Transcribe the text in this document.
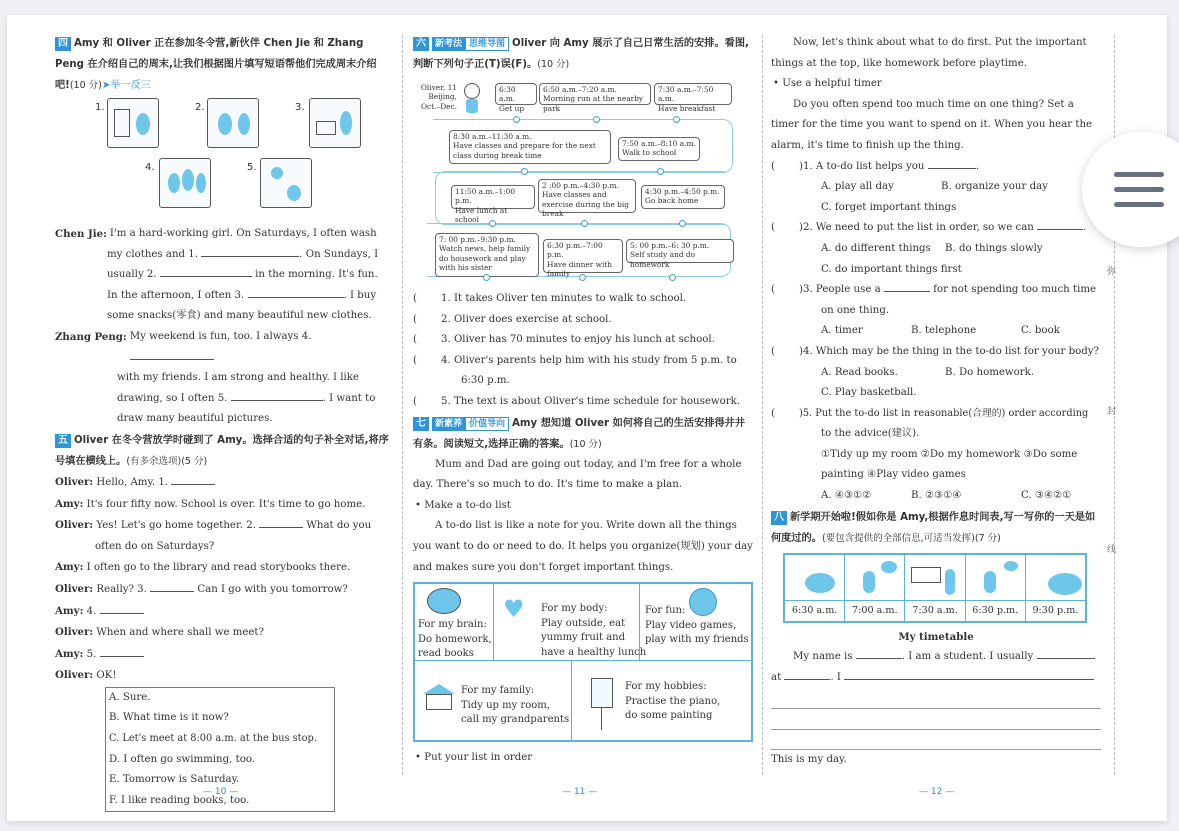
四 Amy 和 Oliver 正在参加冬令营,新伙伴 Chen Jie 和 Zhang Peng 在介绍自己的周末,让我们根据图片填写短语帮他们完成周末介绍吧!(10 分)➤举一反三
1.	2.	3.
4.	5.
Chen Jie: I'm a hard-working girl. On Saturdays, I often wash
my clothes and 1.	. On Sundays, I
usually 2.	in the morning. It's fun.
In the afternoon, I often 3.	. I buy
some snacks(零食) and many beautiful new clothes.
Zhang Peng: My weekend is fun, too. I always 4.
with my friends. I am strong and healthy. I like
drawing, so I often 5.	. I want to
draw many beautiful pictures.
五 Oliver 在冬令营放学时碰到了 Amy。选择合适的句子补全对话,将序号填在横线上。(有多余选项)(5 分)
Oliver: Hello, Amy. 1.
Amy: It's four fifty now. School is over. It's time to go home.
Oliver: Yes! Let's go home together. 2.	What do you
often do on Saturdays?
Amy: I often go to the library and read storybooks there.
Oliver: Really? 3.	Can I go with you tomorrow?
Amy: 4.
Oliver: When and where shall we meet?
Amy: 5.
Oliver: OK!
A. Sure.
B. What time is it now?
C. Let's meet at 8:00 a.m. at the bus stop.
D. I often go swimming, too.
E. Tomorrow is Saturday.
F. I like reading books, too.
— 10 —
六 新考法 思维导图 Oliver 向 Amy 展示了自己日常生活的安排。看图,判断下列句子正(T)误(F)。(10 分)
Oliver, 11
Beijing,
Oct.–Dec.
6:30 a.m.
Get up
6:50 a.m.–7:20 a.m.
Morning run at the nearby park
7:30 a.m.–7:50 a.m.
Have breakfast
8:30 a.m.–11:30 a.m.
Have classes and prepare for the next class during break time
7:50 a.m.–8:10 a.m.
Walk to school
11:50 a.m.–1:00 p.m.
Have lunch at school
2 :00 p.m.–4:30 p.m.
Have classes and exercise during the big break
4:30 p.m.–4:50 p.m.
Go back home
7: 00 p.m.–9:30 p.m.
Watch news, help family do housework and play with his sister
6:30 p.m.–7:00 p.m.
Have dinner with family
5: 00 p.m.–6: 30 p.m.
Self study and do homework
(	1. It takes Oliver ten minutes to walk to school.
(	2. Oliver does exercise at school.
(	3. Oliver has 70 minutes to enjoy his lunch at school.
(	4. Oliver's parents help him with his study from 5 p.m. to
6:30 p.m.
(	5. The text is about Oliver's time schedule for housework.
七 新素养 价值导向 Amy 想知道 Oliver 如何将自己的生活安排得井井有条。阅读短文,选择正确的答案。(10 分)
Mum and Dad are going out today, and I'm free for a whole day. There's so much to do. It's time to make a plan.
• Make a to-do list
A to-do list is like a note for you. Write down all the things you want to do or need to do. It helps you organize(规划) your day and makes sure you don't forget important things.
For my brain:
Do homework,
read books
♥	For my body:
Play outside, eat
yummy fruit and
have a healthy lunch
For fun:
Play video games,
play with my friends
For my family:
Tidy up my room,
call my grandparents
For my hobbies:
Practise the piano,
do some painting
• Put your list in order
— 11 —
Now, let's think about what to do first. Put the important things at the top, like homework before playtime.
• Use a helpful timer
Do you often spend too much time on one thing? Set a timer for the time you want to spend on it. When you hear the alarm, it's time to finish up the thing.
(	)1. A to-do list helps you
	.
A. play all day	B. organize your day
C. forget important things
(	)2. We need to put the list in order, so we can
	.
A. do different things	B. do things slowly
C. do important things first
(	)3. People use a

	for not spending too much time
on one thing.
A. timer	B. telephone	C. book
(	)4. Which may be the thing in the to-do list for your body?
A. Read books.	B. Do homework.
C. Play basketball.
(	)5. Put the to-do list in reasonable(合理的) order according
to the advice(建议).
①Tidy up my room ②Do my homework ③Do some
painting ④Play video games
A. ④③①②	B. ②③①④	C. ③④②①
八 新学期开始啦!假如你是 Amy,根据作息时间表,写一写你的一天是如何度过的。(要包含提供的全部信息,可适当发挥)(7 分)
6:30 a.m.	7:00 a.m.	7:30 a.m.	6:30 p.m.	9:30 p.m.
My timetable
My name is	. I am a student. I usually
at	. I
This is my day.
— 12 —
弥
封
线
